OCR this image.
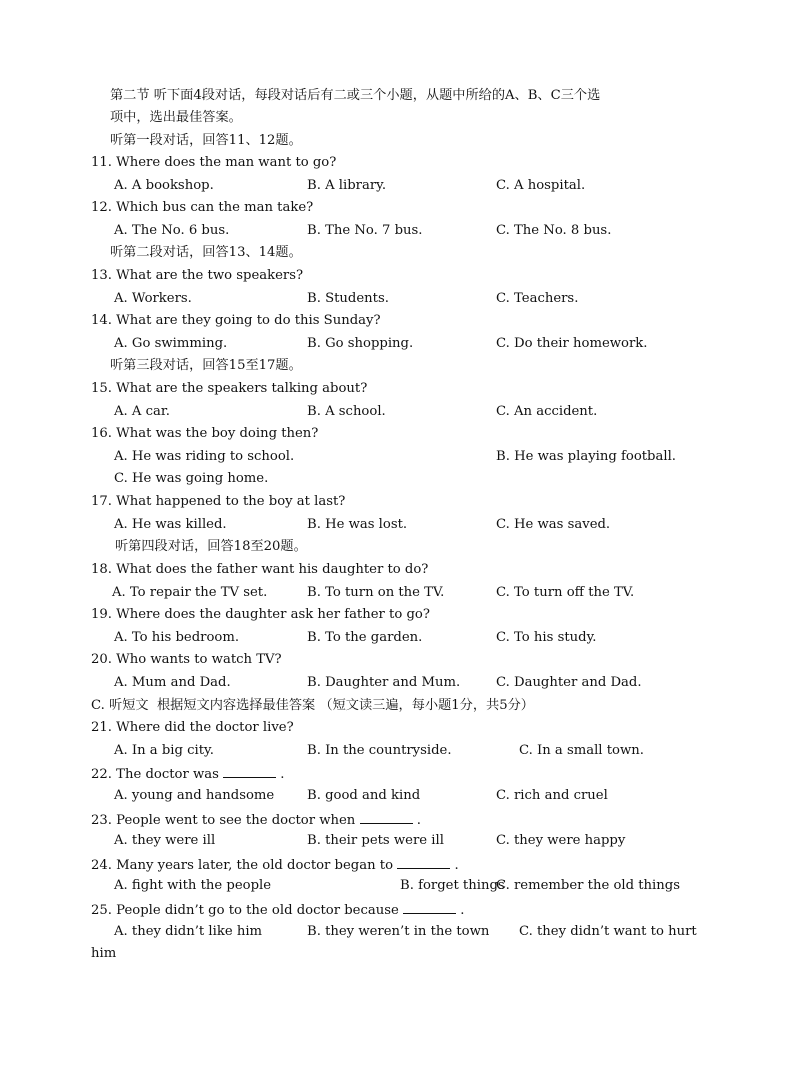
第二节 听下面4段对话，每段对话后有二或三个小题，从题中所给的A、B、C三个选
项中，选出最佳答案。
听第一段对话，回答11、12题。
11. Where does the man want to go?
A. A bookshop.	B. A library.	C. A hospital.
12. Which bus can the man take?
A. The No. 6 bus.	B. The No. 7 bus.	C. The No. 8 bus.
听第二段对话，回答13、14题。
13. What are the two speakers?
A. Workers.	B. Students.	C. Teachers.
14. What are they going to do this Sunday?
A. Go swimming.	B. Go shopping.	C. Do their homework.
听第三段对话，回答15至17题。
15. What are the speakers talking about?
A. A car.	B. A school.	C. An accident.
16. What was the boy doing then?
A. He was riding to school.	B. He was playing football.
C. He was going home.
17. What happened to the boy at last?
A. He was killed.	B. He was lost.	C. He was saved.
听第四段对话，回答18至20题。
18. What does the father want his daughter to do?
A. To repair the TV set.	B. To turn on the TV.	C. To turn off the TV.
19. Where does the daughter ask her father to go?
A. To his bedroom.	B. To the garden.	C. To his study.
20. Who wants to watch TV?
A. Mum and Dad.	B. Daughter and Mum.	C. Daughter and Dad.
C. 听短文  根据短文内容选择最佳答案 （短文读三遍，每小题1分，共5分）
21. Where did the doctor live?
A. In a big city.	B. In the countryside.	C. In a small town.
22. The doctor was	.
A. young and handsome B. good and kind	C. rich and cruel
23. People went to see the doctor when	.
A. they were ill	B. their pets were ill	C. they were happy
24. Many years later, the old doctor began to	.
A. fight with the people	B. forget things
C. remember the old things
25. People didn’t go to the old doctor because	.
A. they didn’t like him	B. they weren’t in the town C. they didn’t want to hurt
him
